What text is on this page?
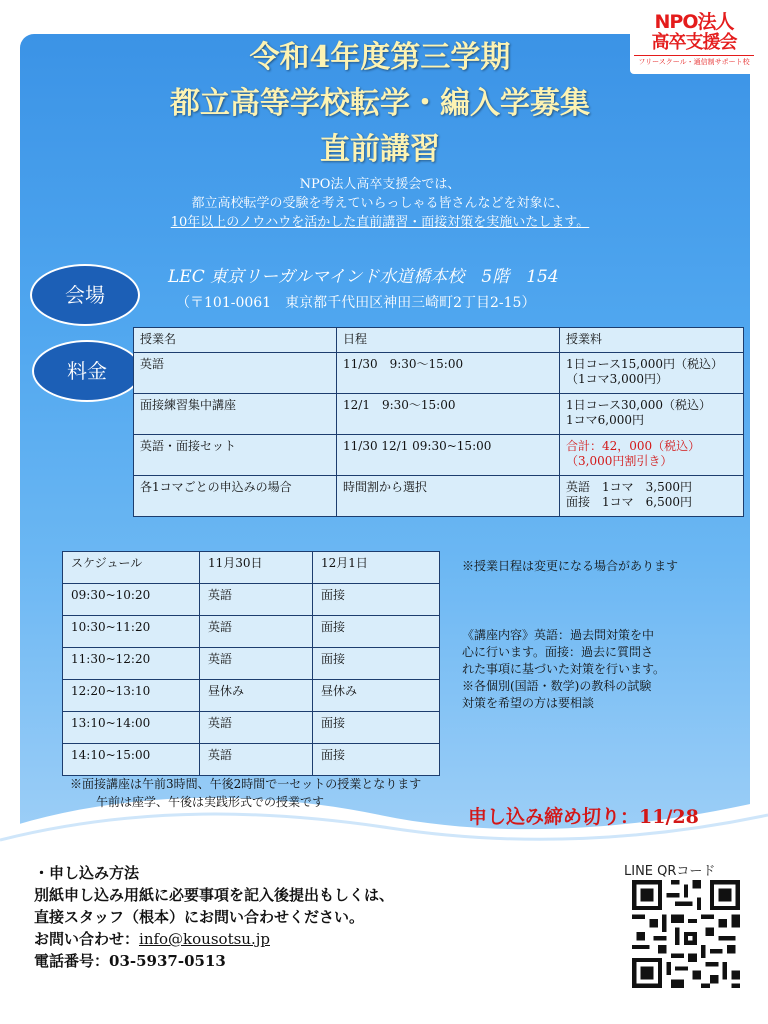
NPO法人
高卒支援会
フリースクール・通信制サポート校
令和4年度第三学期
都立高等学校転学・編入学募集
直前講習
NPO法人高卒支援会では、
都立高校転学の受験を考えていらっしゃる皆さんなどを対象に、
10年以上のノウハウを活かした直前講習・面接対策を実施いたします。
会場
LEC 東京リーガルマインド水道橋本校　5階　154
（〒101-0061　東京都千代田区神田三崎町2丁目2-15）
料金
授業名	日程	授業料
英語	11/30　9:30～15:00	1日コース15,000円（税込）
（1コマ3,000円）

面接練習集中講座	12/1　9:30～15:00	1日コース30,000（税込）
1コマ6,000円

英語・面接セット	11/30 12/1 09:30~15:00	合計：42，000（税込）
（3,000円割引き）

各1コマごとの申込みの場合	時間割から選択	英語　1コマ　3,500円
面接　1コマ　6,500円
スケジュール	11月30日	12月1日
09:30~10:20	英語	面接
10:30~11:20	英語	面接
11:30~12:20	英語	面接
12:20~13:10	昼休み	昼休み
13:10~14:00	英語	面接
14:10~15:00	英語	面接
※授業日程は変更になる場合があります
《講座内容》英語：過去問対策を中
心に行います。面接：過去に質問さ
れた事項に基づいた対策を行います。
※各個別(国語・数学)の教科の試験
対策を希望の方は要相談
※面接講座は午前3時間、午後2時間で一セットの授業となります
午前は座学、午後は実践形式での授業です
申し込み締め切り：11/28
・申し込み方法
別紙申し込み用紙に必要事項を記入後提出もしくは、
直接スタッフ（根本）にお問い合わせください。
お問い合わせ：info@kousotsu.jp
電話番号：03-5937-0513
LINE QRコード
